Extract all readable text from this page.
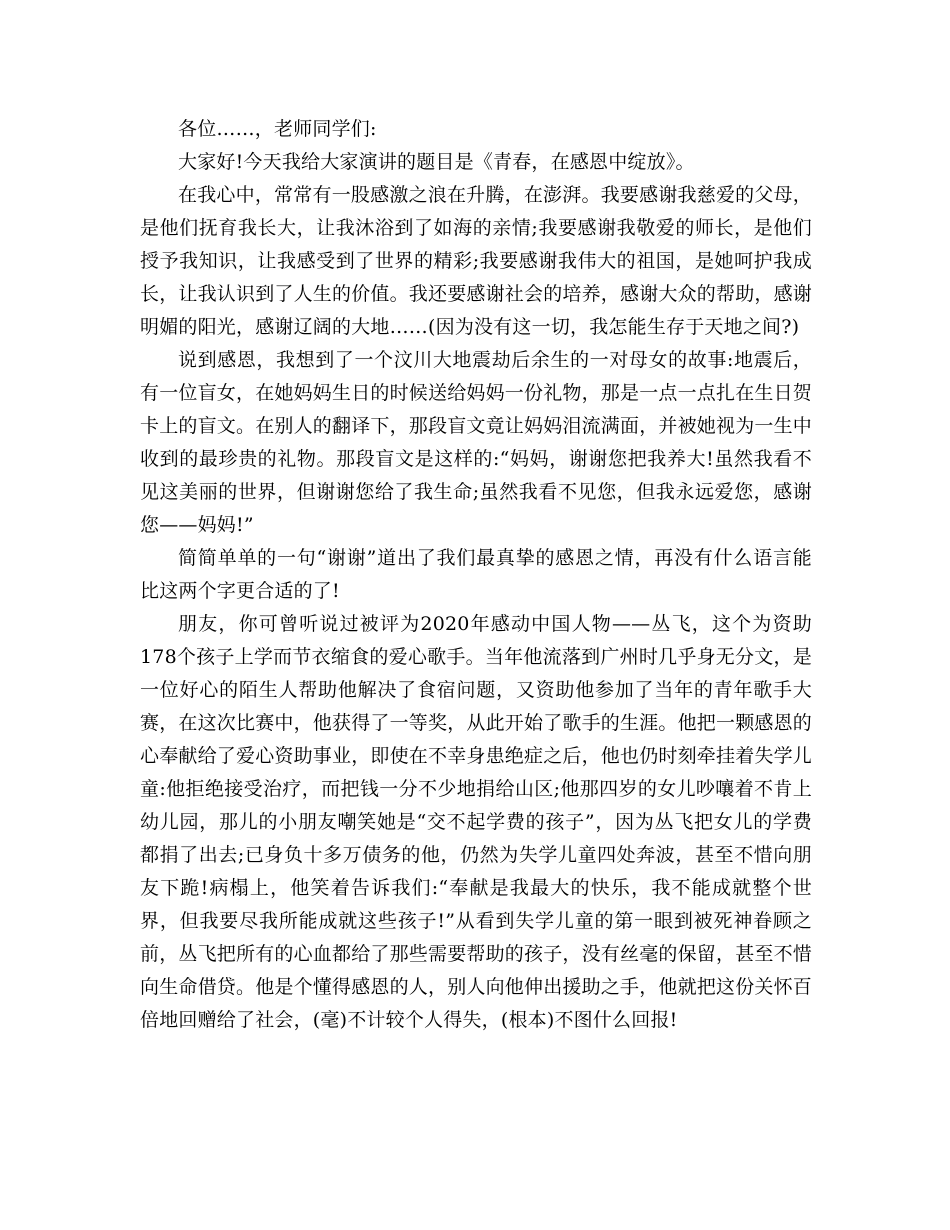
各位……，老师同学们:

大家好!今天我给大家演讲的题目是《青春，在感恩中绽放》。

在我心中，常常有一股感激之浪在升腾，在澎湃。我要感谢我慈爱的父母，是他们抚育我长大，让我沐浴到了如海的亲情;我要感谢我敬爱的师长，是他们授予我知识，让我感受到了世界的精彩;我要感谢我伟大的祖国，是她呵护我成长，让我认识到了人生的价值。我还要感谢社会的培养，感谢大众的帮助，感谢明媚的阳光，感谢辽阔的大地……(因为没有这一切，我怎能生存于天地之间?)

说到感恩，我想到了一个汶川大地震劫后余生的一对母女的故事:地震后，有一位盲女，在她妈妈生日的时候送给妈妈一份礼物，那是一点一点扎在生日贺卡上的盲文。在别人的翻译下，那段盲文竟让妈妈泪流满面，并被她视为一生中收到的最珍贵的礼物。那段盲文是这样的:“妈妈，谢谢您把我养大!虽然我看不见这美丽的世界，但谢谢您给了我生命;虽然我看不见您，但我永远爱您，感谢您——妈妈!”

简简单单的一句“谢谢”道出了我们最真挚的感恩之情，再没有什么语言能比这两个字更合适的了!

朋友，你可曾听说过被评为2020年感动中国人物——丛飞，这个为资助178个孩子上学而节衣缩食的爱心歌手。当年他流落到广州时几乎身无分文，是一位好心的陌生人帮助他解决了食宿问题，又资助他参加了当年的青年歌手大赛，在这次比赛中，他获得了一等奖，从此开始了歌手的生涯。他把一颗感恩的心奉献给了爱心资助事业，即使在不幸身患绝症之后，他也仍时刻牵挂着失学儿童:他拒绝接受治疗，而把钱一分不少地捐给山区;他那四岁的女儿吵嚷着不肯上幼儿园，那儿的小朋友嘲笑她是“交不起学费的孩子”，因为丛飞把女儿的学费都捐了出去;已身负十多万债务的他，仍然为失学儿童四处奔波，甚至不惜向朋友下跪!病榻上，他笑着告诉我们:“奉献是我最大的快乐，我不能成就整个世界，但我要尽我所能成就这些孩子!”从看到失学儿童的第一眼到被死神眷顾之前，丛飞把所有的心血都给了那些需要帮助的孩子，没有丝毫的保留，甚至不惜向生命借贷。他是个懂得感恩的人，别人向他伸出援助之手，他就把这份关怀百倍地回赠给了社会，(毫)不计较个人得失，(根本)不图什么回报!
